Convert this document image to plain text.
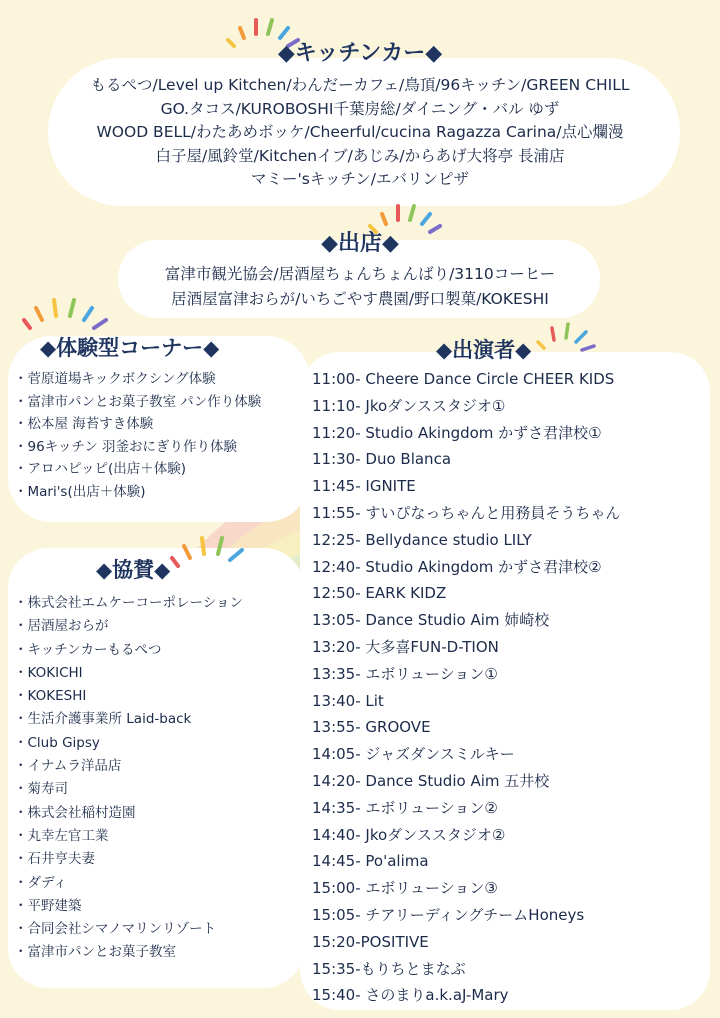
◆キッチンカー◆

もるぺつ/Level up Kitchen/わんだーカフェ/鳥頂/96キッチン/GREEN CHILL

GO.タコス/KUROBOSHI千葉房総/ダイニング・バル ゆず

WOOD BELL/わたあめボッケ/Cheerful/cucina Ragazza Carina/点心爛漫

白子屋/風鈴堂/Kitchenイブ/あじみ/からあげ大将亭 長浦店

マミー'sキッチン/エバリンピザ

◆出店◆

富津市観光協会/居酒屋ちょんちょんばり/3110コーヒー

居酒屋富津おらが/いちごやす農園/野口製菓/KOKESHI

◆体験型コーナー◆
・ 菅原道場キックボクシング体験
・ 富津市パンとお菓子教室 パン作り体験
・ 松本屋 海苔すき体験
・ 96キッチン 羽釜おにぎり作り体験
・ アロハピッピ(出店＋体験)
・ Mari's(出店＋体験)
◆協賛◆
・ 株式会社エムケーコーポレーション
・ 居酒屋おらが
・ キッチンカーもるぺつ
・ KOKICHI
・ KOKESHI
・ 生活介護事業所 Laid-back
・ Club Gipsy
・ イナムラ洋品店
・ 菊寿司
・ 株式会社稲村造園
・ 丸幸左官工業
・ 石井亨夫妻
・ ダディ
・ 平野建築
・ 合同会社シマノマリンリゾート
・ 富津市パンとお菓子教室
◆出演者◆
11:00- Cheere Dance Circle CHEER KIDS
11:10- Jkoダンススタジオ①
11:20- Studio Akingdom かずさ君津校①
11:30- Duo Blanca
11:45- IGNITE
11:55- すいぴなっちゃんと用務員そうちゃん
12:25- Bellydance studio LILY
12:40- Studio Akingdom かずさ君津校②
12:50- EARK KIDZ
13:05- Dance Studio Aim 姉崎校
13:20- 大多喜FUN-D-TION
13:35- エボリューション①
13:40- Lit
13:55- GROOVE
14:05- ジャズダンスミルキー
14:20- Dance Studio Aim 五井校
14:35- エボリューション②
14:40- Jkoダンススタジオ②
14:45- Po'alima
15:00- エボリューション③
15:05- チアリーディングチームHoneys
15:20-POSITIVE
15:35-もりちとまなぶ
15:40- さのまりa.k.aJ-Mary
